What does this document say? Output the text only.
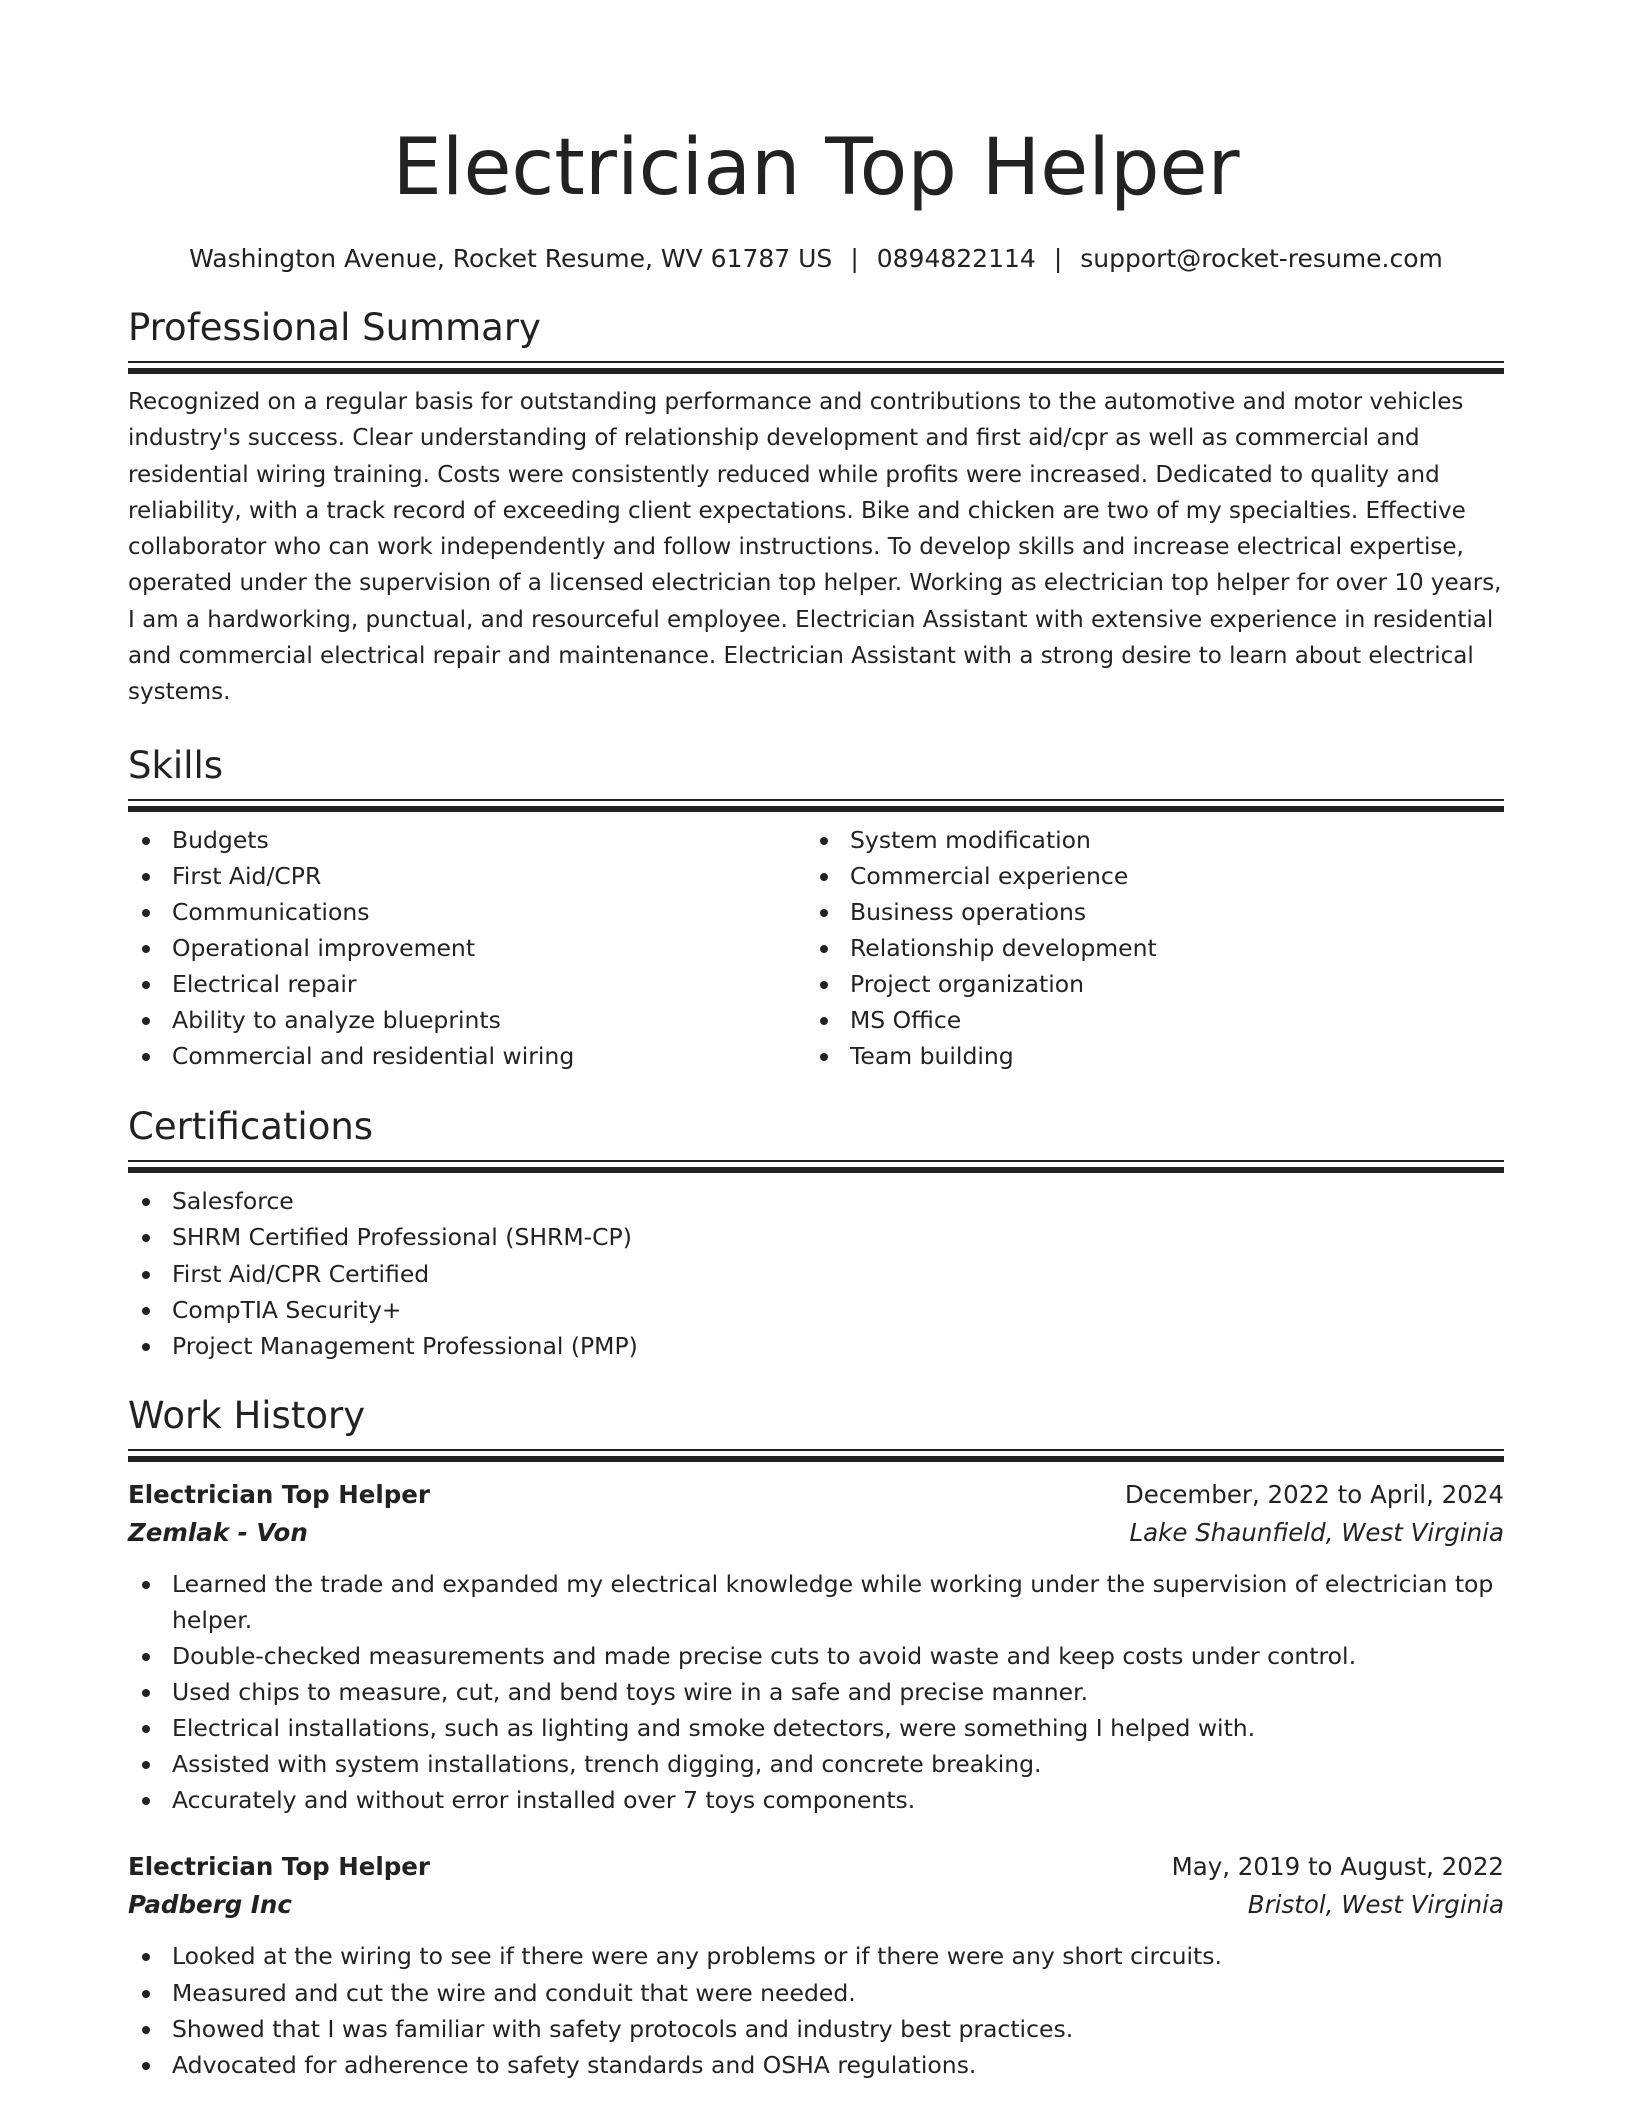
Electrician Top Helper
Washington Avenue, Rocket Resume, WV 61787 US | 0894822114 | support@rocket-resume.com
Professional Summary

Recognized on a regular basis for outstanding performance and contributions to the automotive and motor vehicles industry's success. Clear understanding of relationship development and first aid/cpr as well as commercial and residential wiring training. Costs were consistently reduced while profits were increased. Dedicated to quality and reliability, with a track record of exceeding client expectations. Bike and chicken are two of my specialties. Effective collaborator who can work independently and follow instructions. To develop skills and increase electrical expertise, operated under the supervision of a licensed electrician top helper. Working as electrician top helper for over 10 years, I am a hardworking, punctual, and resourceful employee. Electrician Assistant with extensive experience in residential and commercial electrical repair and maintenance. Electrician Assistant with a strong desire to learn about electrical systems.

Skills
Budgets
First Aid/CPR
Communications
Operational improvement
Electrical repair
Ability to analyze blueprints
Commercial and residential wiring
System modification
Commercial experience
Business operations
Relationship development
Project organization
MS Office
Team building
Certifications
Salesforce
SHRM Certified Professional (SHRM-CP)
First Aid/CPR Certified
CompTIA Security+
Project Management Professional (PMP)
Work History
Electrician Top Helper	December, 2022 to April, 2024
Zemlak - Von	Lake Shaunfield, West Virginia
Learned the trade and expanded my electrical knowledge while working under the supervision of electrician top helper.
Double-checked measurements and made precise cuts to avoid waste and keep costs under control.
Used chips to measure, cut, and bend toys wire in a safe and precise manner.
Electrical installations, such as lighting and smoke detectors, were something I helped with.
Assisted with system installations, trench digging, and concrete breaking.
Accurately and without error installed over 7 toys components.
Electrician Top Helper	May, 2019 to August, 2022
Padberg Inc	Bristol, West Virginia
Looked at the wiring to see if there were any problems or if there were any short circuits.
Measured and cut the wire and conduit that were needed.
Showed that I was familiar with safety protocols and industry best practices.
Advocated for adherence to safety standards and OSHA regulations.
